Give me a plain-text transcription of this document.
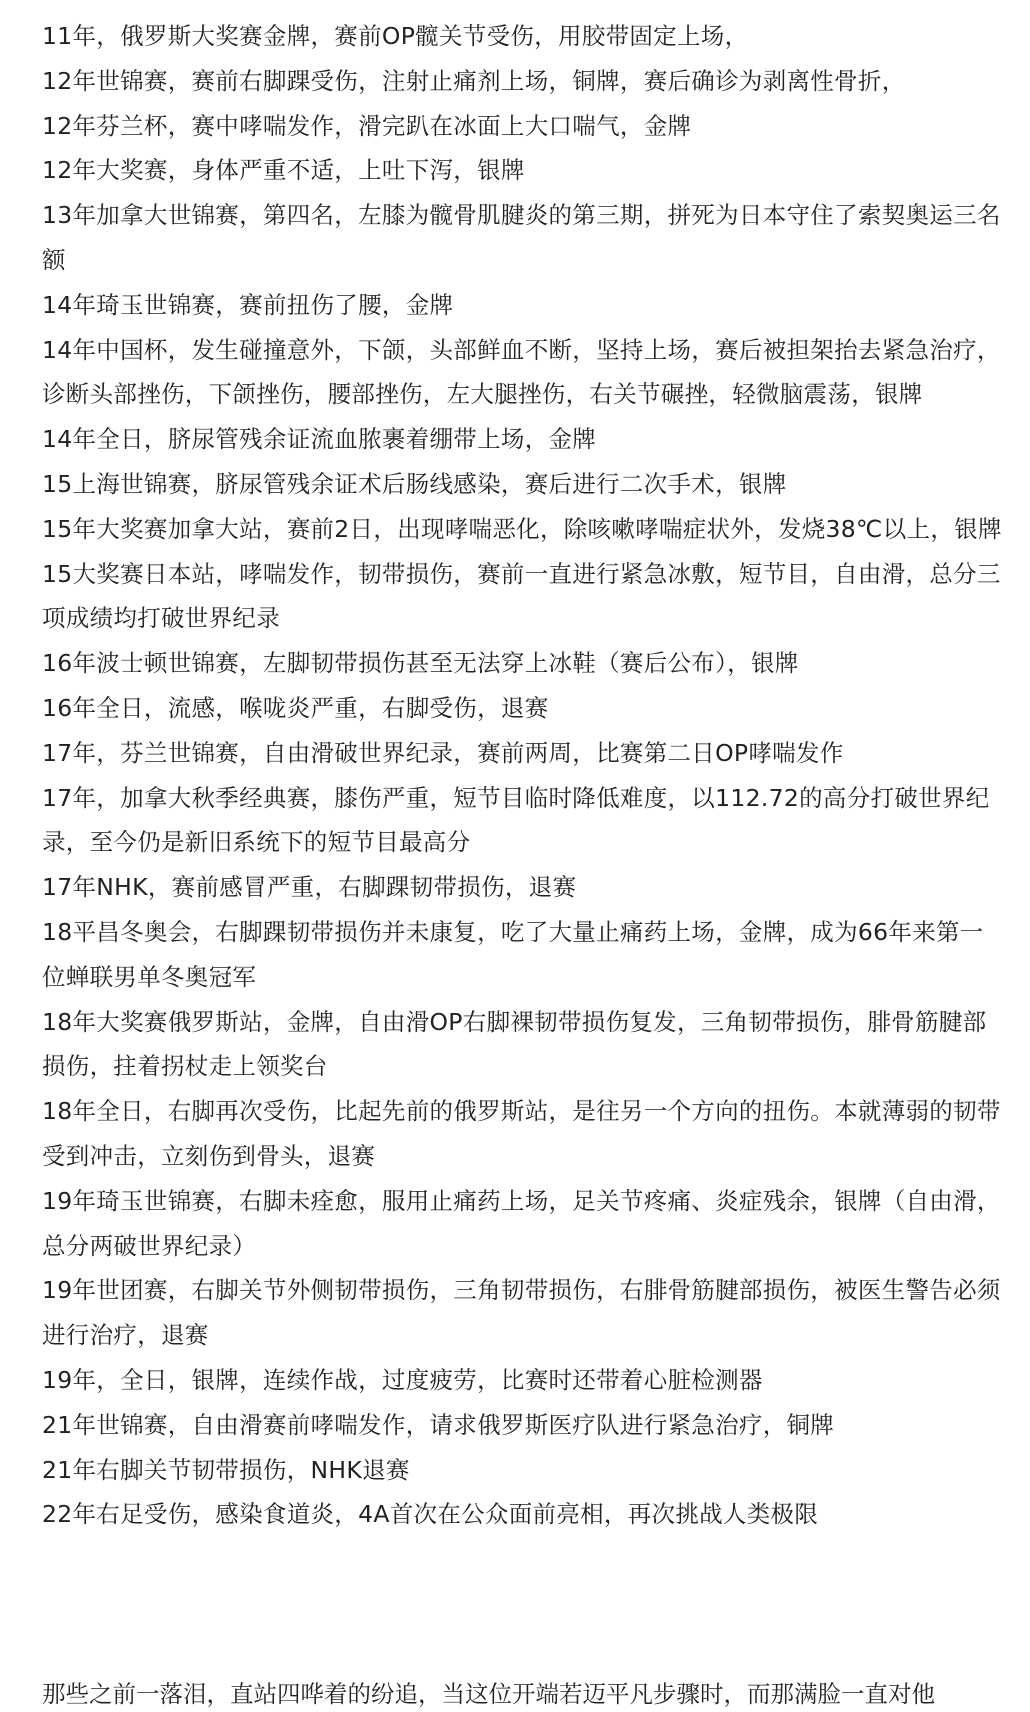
11年，俄罗斯大奖赛金牌，赛前OP髋关节受伤，用胶带固定上场，

12年世锦赛，赛前右脚踝受伤，注射止痛剂上场，铜牌，赛后确诊为剥离性骨折，

12年芬兰杯，赛中哮喘发作，滑完趴在冰面上大口喘气，金牌

12年大奖赛，身体严重不适，上吐下泻，银牌

13年加拿大世锦赛，第四名，左膝为髋骨肌腱炎的第三期，拼死为日本守住了索契奥运三名额

14年琦玉世锦赛，赛前扭伤了腰，金牌

14年中国杯，发生碰撞意外，下颌，头部鲜血不断，坚持上场，赛后被担架抬去紧急治疗，诊断头部挫伤，下颌挫伤，腰部挫伤，左大腿挫伤，右关节碾挫，轻微脑震荡，银牌

14年全日，脐尿管残余证流血脓裹着绷带上场，金牌

15上海世锦赛，脐尿管残余证术后肠线感染，赛后进行二次手术，银牌

15年大奖赛加拿大站，赛前2日，出现哮喘恶化，除咳嗽哮喘症状外，发烧38℃以上，银牌

15大奖赛日本站，哮喘发作，韧带损伤，赛前一直进行紧急冰敷，短节目，自由滑，总分三项成绩均打破世界纪录

16年波士顿世锦赛，左脚韧带损伤甚至无法穿上冰鞋（赛后公布），银牌

16年全日，流感，喉咙炎严重，右脚受伤，退赛

17年，芬兰世锦赛，自由滑破世界纪录，赛前两周，比赛第二日OP哮喘发作

17年，加拿大秋季经典赛，膝伤严重，短节目临时降低难度，以112.72的高分打破世界纪录，至今仍是新旧系统下的短节目最高分

17年NHK，赛前感冒严重，右脚踝韧带损伤，退赛

18平昌冬奥会，右脚踝韧带损伤并未康复，吃了大量止痛药上场，金牌，成为66年来第一位蝉联男单冬奥冠军

18年大奖赛俄罗斯站，金牌，自由滑OP右脚裸韧带损伤复发，三角韧带损伤，腓骨筋腱部损伤，拄着拐杖走上领奖台

18年全日，右脚再次受伤，比起先前的俄罗斯站，是往另一个方向的扭伤。本就薄弱的韧带受到冲击，立刻伤到骨头，退赛

19年琦玉世锦赛，右脚未痊愈，服用止痛药上场，足关节疼痛、炎症残余，银牌（自由滑，总分两破世界纪录）

19年世团赛，右脚关节外侧韧带损伤，三角韧带损伤，右腓骨筋腱部损伤，被医生警告必须进行治疗，退赛

19年，全日，银牌，连续作战，过度疲劳，比赛时还带着心脏检测器

21年世锦赛，自由滑赛前哮喘发作，请求俄罗斯医疗队进行紧急治疗，铜牌

21年右脚关节韧带损伤，NHK退赛

22年右足受伤，感染食道炎，4A首次在公众面前亮相，再次挑战人类极限

那些之前一落泪，直站四哗着的纷追，当这位开端若迈平凡步骤时，而那满脸一直对他
